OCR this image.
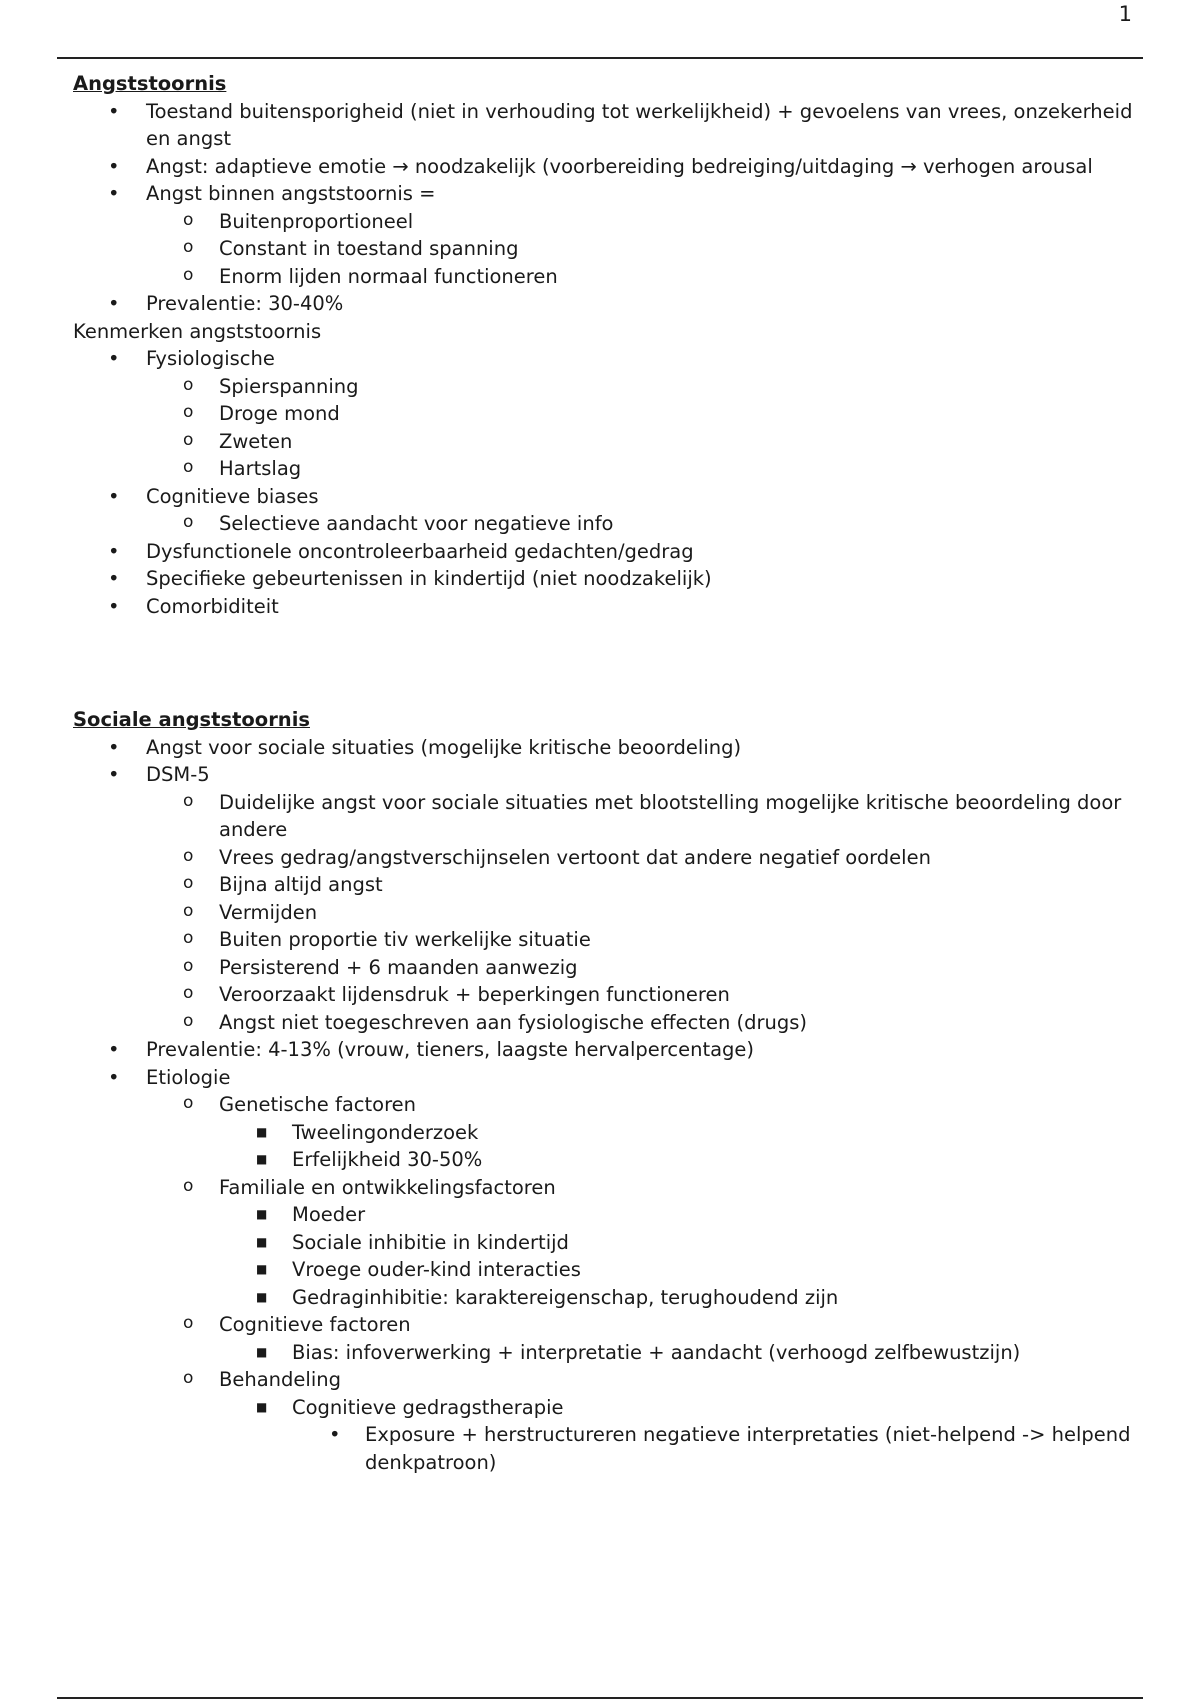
1
Angststoornis
• Toestand buitensporigheid (niet in verhouding tot werkelijkheid) + gevoelens van vrees, onzekerheid en angst
• Angst: adaptieve emotie → noodzakelijk (voorbereiding bedreiging/uitdaging → verhogen arousal
• Angst binnen angststoornis =
o Buitenproportioneel
o Constant in toestand spanning
o Enorm lijden normaal functioneren
• Prevalentie: 30-40%
Kenmerken angststoornis
• Fysiologische
o Spierspanning
o Droge mond
o Zweten
o Hartslag
• Cognitieve biases
o Selectieve aandacht voor negatieve info
• Dysfunctionele oncontroleerbaarheid gedachten/gedrag
• Specifieke gebeurtenissen in kindertijd (niet noodzakelijk)
• Comorbiditeit
Sociale angststoornis
• Angst voor sociale situaties (mogelijke kritische beoordeling)
• DSM-5
o Duidelijke angst voor sociale situaties met blootstelling mogelijke kritische beoordeling door andere
o Vrees gedrag/angstverschijnselen vertoont dat andere negatief oordelen
o Bijna altijd angst
o Vermijden
o Buiten proportie tiv werkelijke situatie
o Persisterend + 6 maanden aanwezig
o Veroorzaakt lijdensdruk + beperkingen functioneren
o Angst niet toegeschreven aan fysiologische effecten (drugs)
• Prevalentie: 4-13% (vrouw, tieners, laagste hervalpercentage)
• Etiologie
o Genetische factoren
■ Tweelingonderzoek
■ Erfelijkheid 30-50%
o Familiale en ontwikkelingsfactoren
■ Moeder
■ Sociale inhibitie in kindertijd
■ Vroege ouder-kind interacties
■ Gedraginhibitie: karaktereigenschap, terughoudend zijn
o Cognitieve factoren
■ Bias: infoverwerking + interpretatie + aandacht (verhoogd zelfbewustzijn)
o Behandeling
■ Cognitieve gedragstherapie
• Exposure + herstructureren negatieve interpretaties (niet-helpend -> helpend denkpatroon)
